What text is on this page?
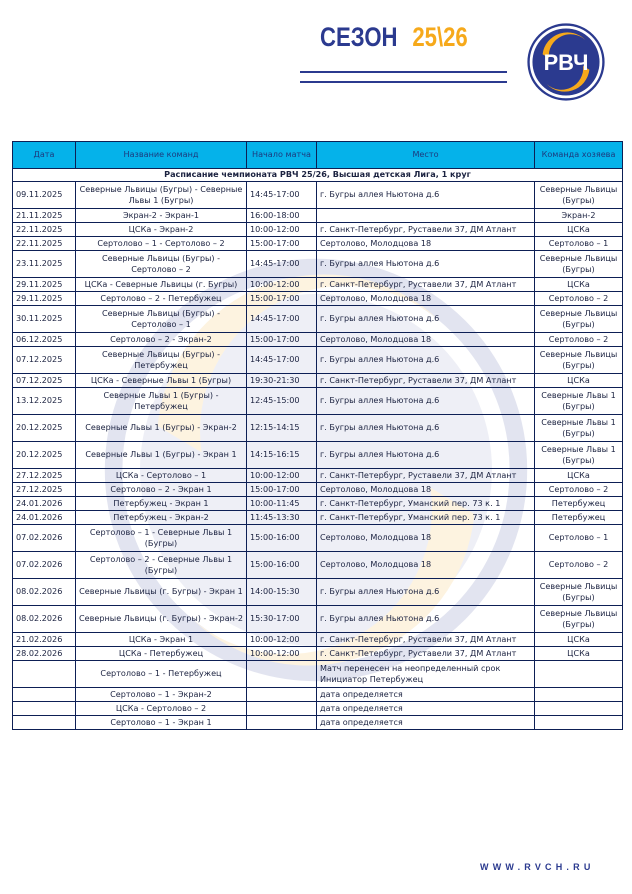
СЕЗОН 25\26
РВЧ
Расписание чемпионата РВЧ 25/26, Высшая детская Лига, 1 круг				
Дата	Название команд	Начало матча	Место	Команда хозяева
09.11.2025	Северные Львицы (Бугры) - Северные Львы 1 (Бугры)	14:45-17:00	г. Бугры аллея Ньютона д.6	Северные Львицы (Бугры)
21.11.2025	Экран-2 - Экран-1	16:00-18:00		Экран-2
22.11.2025	ЦСКа - Экран-2	10:00-12:00	г. Санкт-Петербург, Руставели 37, ДМ Атлант	ЦСКа
22.11.2025	Сертолово – 1 - Сертолово – 2	15:00-17:00	Сертолово, Молодцова 18	Сертолово – 1
23.11.2025	Северные Львицы (Бугры) - Сертолово – 2	14:45-17:00	г. Бугры аллея Ньютона д.6	Северные Львицы (Бугры)
29.11.2025	ЦСКа - Северные Львицы (г. Бугры)	10:00-12:00	г. Санкт-Петербург, Руставели 37, ДМ Атлант	ЦСКа
29.11.2025	Сертолово – 2 - Петербужец	15:00-17:00	Сертолово, Молодцова 18	Сертолово – 2
30.11.2025	Северные Львицы (Бугры) - Сертолово – 1	14:45-17:00	г. Бугры аллея Ньютона д.6	Северные Львицы (Бугры)
06.12.2025	Сертолово – 2 - Экран-2	15:00-17:00	Сертолово, Молодцова 18	Сертолово – 2
07.12.2025	Северные Львицы (Бугры) - Петербужец	14:45-17:00	г. Бугры аллея Ньютона д.6	Северные Львицы (Бугры)
07.12.2025	ЦСКа - Северные Львы 1 (Бугры)	19:30-21:30	г. Санкт-Петербург, Руставели 37, ДМ Атлант	ЦСКа
13.12.2025	Северные Львы 1 (Бугры) - Петербужец	12:45-15:00	г. Бугры аллея Ньютона д.6	Северные Львы 1 (Бугры)
20.12.2025	Северные Львы 1 (Бугры) - Экран-2	12:15-14:15	г. Бугры аллея Ньютона д.6	Северные Львы 1 (Бугры)
20.12.2025	Северные Львы 1 (Бугры) - Экран 1	14:15-16:15	г. Бугры аллея Ньютона д.6	Северные Львы 1 (Бугры)
27.12.2025	ЦСКа - Сертолово – 1	10:00-12:00	г. Санкт-Петербург, Руставели 37, ДМ Атлант	ЦСКа
27.12.2025	Сертолово – 2 - Экран 1	15:00-17:00	Сертолово, Молодцова 18	Сертолово – 2
24.01.2026	Петербужец - Экран 1	10:00-11:45	г. Санкт-Петербург, Уманский пер. 73 к. 1	Петербужец
24.01.2026	Петербужец - Экран-2	11:45-13:30	г. Санкт-Петербург, Уманский пер. 73 к. 1	Петербужец
07.02.2026	Сертолово – 1 - Северные Львы 1 (Бугры)	15:00-16:00	Сертолово, Молодцова 18	Сертолово – 1
07.02.2026	Сертолово – 2 - Северные Львы 1 (Бугры)	15:00-16:00	Сертолово, Молодцова 18	Сертолово – 2
08.02.2026	Северные Львицы (г. Бугры) - Экран 1	14:00-15:30	г. Бугры аллея Ньютона д.6	Северные Львицы (Бугры)
08.02.2026	Северные Львицы (г. Бугры) - Экран-2	15:30-17:00	г. Бугры аллея Ньютона д.6	Северные Львицы (Бугры)
21.02.2026	ЦСКа - Экран 1	10:00-12:00	г. Санкт-Петербург, Руставели 37, ДМ Атлант	ЦСКа
28.02.2026	ЦСКа - Петербужец	10:00-12:00	г. Санкт-Петербург, Руставели 37, ДМ Атлант	ЦСКа
	Сертолово – 1 - Петербужец		Матч перенесен на неопределенный срок Инициатор Петербужец	
	Сертолово – 1 - Экран-2		дата определяется	
	ЦСКа - Сертолово – 2		дата определяется	
	Сертолово – 1 - Экран 1		дата определяется	
WWW.RVCH.RU
